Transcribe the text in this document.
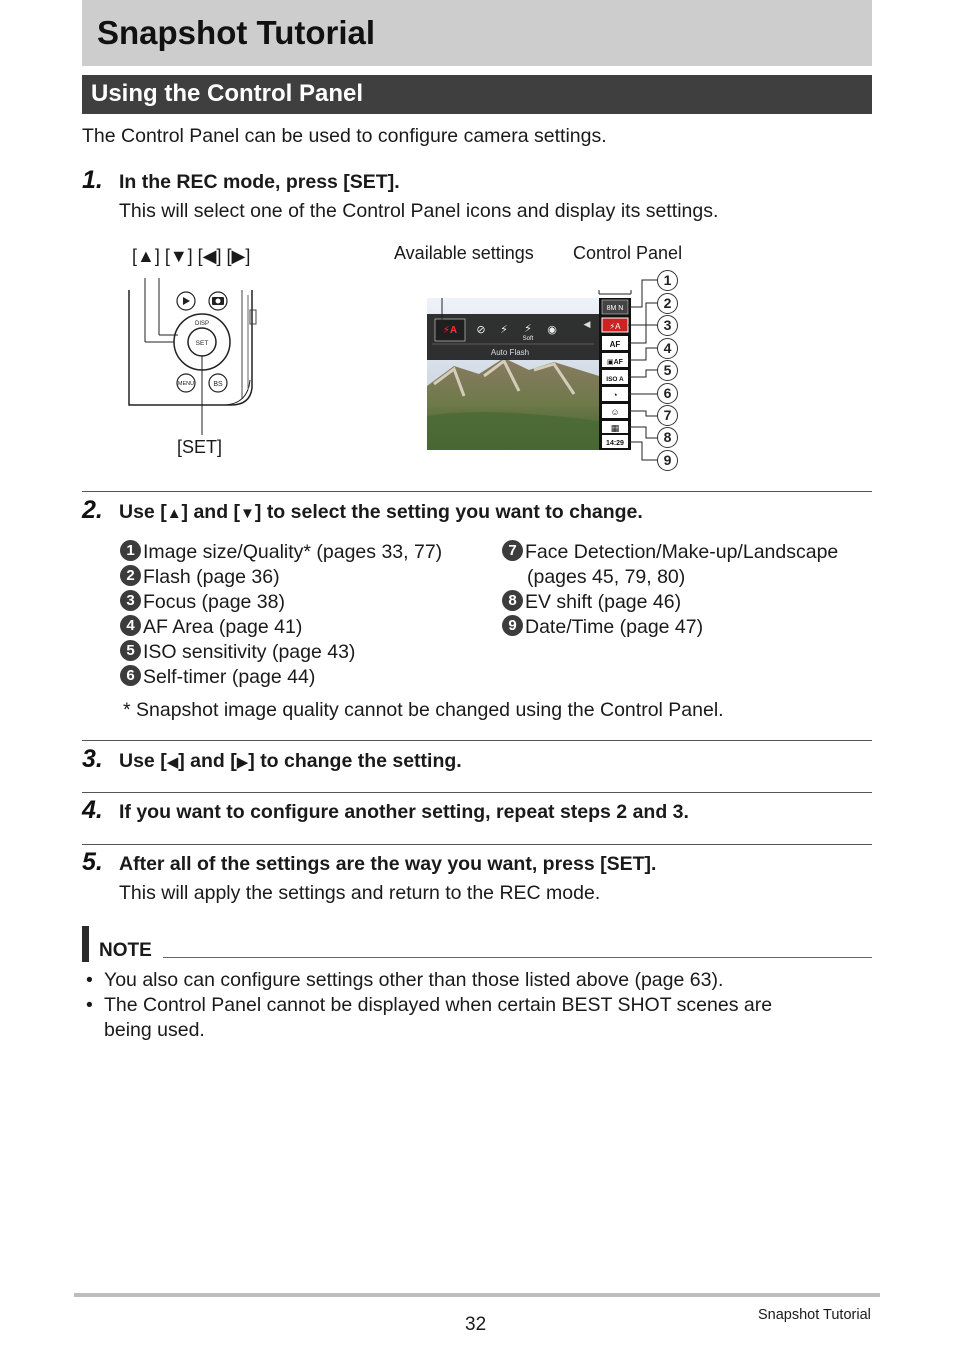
Snapshot Tutorial
Using the Control Panel
The Control Panel can be used to configure camera settings.
1. In the REC mode, press [SET].
This will select one of the Control Panel icons and display its settings.
[▲] [▼] [◀] [▶]
[SET]
DISP
SET
MENU	BS
Available settings Control Panel
⚡A ⊘ ⚡ ⚡
Soft
◉
Auto Flash
◀
8M N
⚡A
AF
▣AF
ISO A
◔
☺
▦
14:29
1
2
3
4
5
6
7
8
9
2. Use [▲] and [▼] to select the setting you want to change.
1 Image size/Quality* (pages 33, 77)
2 Flash (page 36)
3 Focus (page 38)
4 AF Area (page 41)
5 ISO sensitivity (page 43)
6 Self-timer (page 44)
7 Face Detection/Make-up/Landscape
(pages 45, 79, 80)
8 EV shift (page 46)
9 Date/Time (page 47)
* Snapshot image quality cannot be changed using the Control Panel.
3. Use [◀] and [▶] to change the setting.
4. If you want to configure another setting, repeat steps 2 and 3.
5. After all of the settings are the way you want, press [SET].
This will apply the settings and return to the REC mode.
NOTE
• You also can configure settings other than those listed above (page 63).
• The Control Panel cannot be displayed when certain BEST SHOT scenes are
being used.
32	Snapshot Tutorial
